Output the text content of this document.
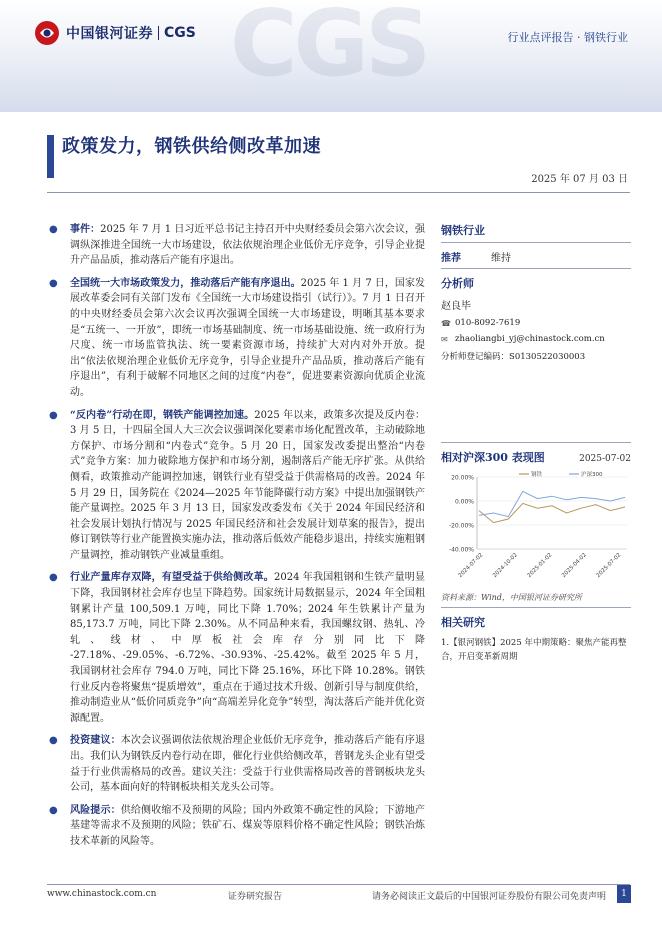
CGS
中国银河证券 CGS	行业点评报告 · 钢铁行业
政策发力，钢铁供给侧改革加速
2025 年 07 月 03 日
● 事件：2025 年 7 月 1 日习近平总书记主持召开中央财经委员会第六次会议，强调纵深推进全国统一大市场建设，依法依规治理企业低价无序竞争，引导企业提升产品品质，推动落后产能有序退出。
● 全国统一大市场政策发力，推动落后产能有序退出。2025 年 1 月 7 日，国家发展改革委会同有关部门发布《全国统一大市场建设指引（试行）》。7 月 1 日召开的中央财经委员会第六次会议再次强调全国统一大市场建设，明晰其基本要求是“五统一、一开放”，即统一市场基础制度、统一市场基础设施、统一政府行为尺度、统一市场监管执法、统一要素资源市场，持续扩大对内对外开放。提出“依法依规治理企业低价无序竞争，引导企业提升产品品质，推动落后产能有序退出”，有利于破解不同地区之间的过度“内卷”，促进要素资源向优质企业流动。
● “反内卷”行动在即，钢铁产能调控加速。2025 年以来，政策多次提及反内卷：3 月 5 日，十四届全国人大三次会议强调深化要素市场化配置改革，主动破除地方保护、市场分割和“内卷式”竞争。5 月 20 日，国家发改委提出整治“内卷式”竞争方案：加力破除地方保护和市场分割，遏制落后产能无序扩张。从供给侧看，政策推动产能调控加速，钢铁行业有望受益于供需格局的改善。2024 年 5 月 29 日，国务院在《2024—2025 年节能降碳行动方案》中提出加强钢铁产能产量调控。2025 年 3 月 13 日，国家发改委发布《关于 2024 年国民经济和社会发展计划执行情况与 2025 年国民经济和社会发展计划草案的报告》，提出修订钢铁等行业产能置换实施办法，推动落后低效产能稳步退出，持续实施粗钢产量调控，推动钢铁产业减量重组。
● 行业产量库存双降，有望受益于供给侧改革。2024 年我国粗钢和生铁产量明显下降，我国钢材社会库存也呈下降趋势。国家统计局数据显示，2024 年全国粗钢累计产量 100,509.1 万吨，同比下降 1.70%；2024 年生铁累计产量为 85,173.7 万吨，同比下降 2.30%。从不同品种来看，我国螺纹钢、热轧、冷轧、线材、中厚板社会库存分别同比下降 -27.18%、-29.05%、-6.72%、-30.93%、-25.42%。截至 2025 年 5 月，我国钢材社会库存 794.0 万吨，同比下降 25.16%，环比下降 10.28%。钢铁行业反内卷将聚焦“提质增效”，重点在于通过技术升级、创新引导与制度供给，推动制造业从“低价同质竞争”向“高端差异化竞争”转型，淘汰落后产能并优化资源配置。
● 投资建议：本次会议强调依法依规治理企业低价无序竞争，推动落后产能有序退出。我们认为钢铁反内卷行动在即，催化行业供给侧改革，普钢龙头企业有望受益于行业供需格局的改善。建议关注：受益于行业供需格局改善的普钢板块龙头公司，基本面向好的特钢板块相关龙头公司等。
● 风险提示：供给侧收缩不及预期的风险；国内外政策不确定性的风险；下游地产基建等需求不及预期的风险；铁矿石、煤炭等原料价格不确定性风险；钢铁冶炼技术革新的风险等。
钢铁行业
推荐	维持
分析师
赵良毕
☎ 010-8092-7619
✉ zhaoliangbi_yj@chinastock.com.cn
分析师登记编码：S0130522030003
相对沪深300 表现图	2025-07-02
20.00%
0.00%
-20.00%
-40.00%
2024-07-02 2024-10-02 2025-01-02 2025-04-02 2025-07-02
钢铁	沪深300
资料来源：Wind，中国银河证券研究所
相关研究
1.【银河钢铁】2025 年中期策略：聚焦产能再整合，开启变革新周期
www.chinastock.com.cn	证券研究报告	请务必阅读正文最后的中国银河证券股份有限公司免责声明	1
